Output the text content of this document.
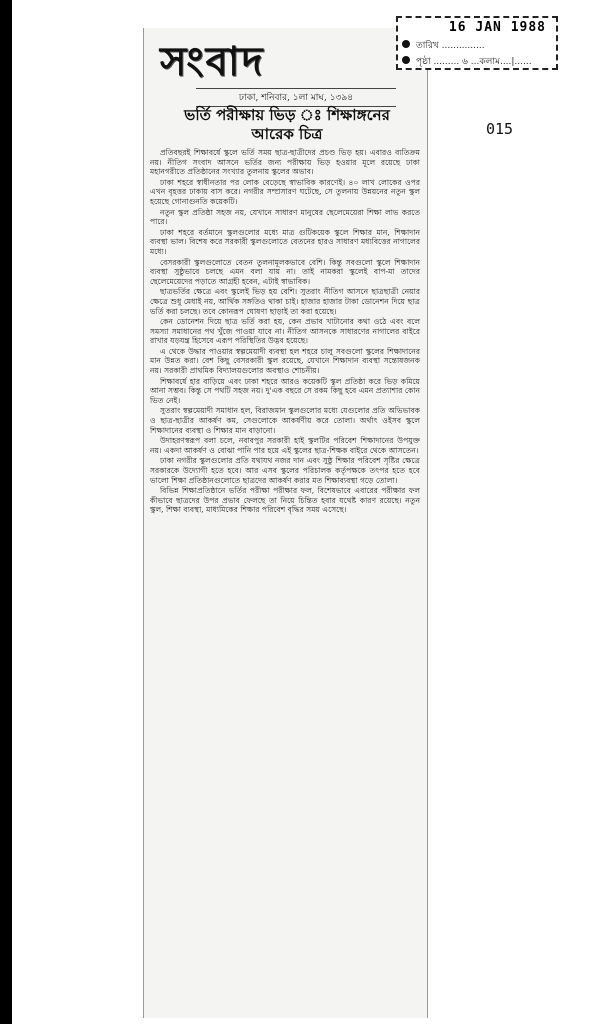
সংবাদ
16 JAN 1988
তারিখ ...............
পৃষ্ঠা ......... ৬ ...কলাম....|......
015
ঢাকা, শনিবার, ১লা মাঘ, ১৩৯৪
ভর্তি পরীক্ষায় ভিড় ঃ শিক্ষাঙ্গনের
আরেক চিত্র

প্রতিবছরই শিক্ষাবর্ষে স্কুলে ভর্তি সময় ছাত্র-ছাত্রীদের প্রচণ্ড ভিড় হয়। এবারও ব্যতিক্রম নয়। নীতিগ সংবাদ আসনে ভর্তির জন্য পরীক্ষায় ভিড় হওয়ার মূলে রয়েছে ঢাকা মহানগরীতে প্রতিষ্ঠানের সংখ্যার তুলনায় স্কুলের অভাব।

ঢাকা শহরে স্বাধীনতার পর লোক বেড়েছে স্বাভাবিক কারণেই। ৪০ লাখ লোকের ওপর এখন বৃহত্তর ঢাকায় বাস করে। নগরীর সম্প্রসারণ ঘটেছে, সে তুলনায় উন্নয়নের নতুন স্কুল হয়েছে গোনাগুনতি কয়েকটি।

নতুন স্কুল প্রতিষ্ঠা সহজ নয়, যেখানে সাধারণ মানুষের ছেলেমেয়েরা শিক্ষা লাভ করতে পারে।

ঢাকা শহরে বর্তমানে স্কুলগুলোর মধ্যে মাত্র গুটিকয়েক স্কুলে শিক্ষার মান, শিক্ষাদান ব্যবস্থা ভাল। বিশেষ করে সরকারী স্কুলগুলোতে বেতনের হারও সাধারণ মধ্যবিত্তের নাগালের মধ্যে।

বেসরকারী স্কুলগুলোতে বেতন তুলনামূলকভাবে বেশি। কিন্তু সবগুলো স্কুলে শিক্ষাদান ব্যবস্থা সুষ্ঠুভাবে চলছে এমন বলা যায় না। তাই নামকরা স্কুলেই বাপ-মা তাদের ছেলেমেয়েদের পড়াতে আগ্রহী হবেন, এটাই স্বাভাবিক।

ছাত্রভর্তির ক্ষেত্রে এবং স্কুলেই ভিড় হয় বেশি। সুতরাং নীতিগ আসনে ছাত্রছাত্রী নেয়ার ক্ষেত্রে শুধু মেধাই নয়, আর্থিক সঙ্গতিও থাকা চাই। হাজার হাজার টাকা ডোনেশন দিয়ে ছাত্র ভর্তি করা চলছে। তবে কোনরূপ ঘোষণা ছাড়াই তা করা হয়েছে।

কেন ডোনেশন দিয়ে ছাত্র ভর্তি করা হয়, কেন প্রভাব খাটানোর কথা ওঠে এবং বলে সমস্যা সমাধানের পথ খুঁজে পাওয়া যাবে না। নীতিগ আসনকে সাধারণের নাগালের বাইরে রাখার যড়যন্ত্র হিসেবে এরূপ পরিস্থিতির উদ্ভব হয়েছে।

এ থেকে উদ্ধার পাওয়ার স্বল্পমেয়াদী ব্যবস্থা হল শহরে চালু সবগুলো স্কুলের শিক্ষাদানের মান উন্নত করা। বেশ কিছু বেসরকারী স্কুল রয়েছে, যেখানে শিক্ষাদান ব্যবস্থা সন্তোষজনক নয়। সরকারী প্রাথমিক বিদ্যালয়গুলোর অবস্থাও শোচনীয়।

শিক্ষাবর্ষে হার বাড়িয়ে এবং ঢাকা শহরে আরও কয়েকটি স্কুল প্রতিষ্ঠা করে ভিড় কমিয়ে আনা সম্ভব। কিন্তু সে পথটি সহজ নয়। দু'এক বছরে সে রকম কিছু হবে এমন প্রত্যাশার কোন ভিত নেই।

সুতরাং স্বল্পমেয়াদী সমাধান হল, বিরাজমান স্কুলগুলোর মধ্যে যেগুলোর প্রতি অভিভাবক ও ছাত্র-ছাত্রীর আকর্ষণ কম, সেগুলোকে আকর্ষণীয় করে তোলা। অর্থাৎ ওইসব স্কুলে শিক্ষাদানের ব্যবস্থা ও শিক্ষার মান বাড়ানো।

উদাহরণস্বরূপ বলা চলে, নবাবপুর সরকারী হাই স্কুলটির পরিবেশ শিক্ষাদানের উপযুক্ত নয়। একদা আকর্ষণ ও বোঝা পানি পার হয়ে এই স্কুলের ছাত্র-শিক্ষক বাইরে থেকে আসতেন।

ঢাকা নগরীর স্কুলগুলোর প্রতি যথাযথ নজর দান এবং সুষ্ঠু শিক্ষার পরিবেশ সৃষ্টির ক্ষেত্রে সরকারকে উদ্যোগী হতে হবে। আর এসব স্কুলের পরিচালক কর্তৃপক্ষকে তৎপর হতে হবে ভালো শিক্ষা প্রতিষ্ঠানগুলোতে ছাত্রদের আকর্ষণ করার মত শিক্ষাব্যবস্থা গড়ে তোলা।

বিভিন্ন শিক্ষাপ্রতিষ্ঠানে ভর্তির পরীক্ষা পরীক্ষার ফল, বিশেষভাবে এবারের পরীক্ষার ফল কীভাবে ছাত্রদের উপর প্রভাব ফেলছে তা নিয়ে চিন্তিত হবার যথেষ্ট কারণ রয়েছে। নতুন স্কুল, শিক্ষা ব্যবস্থা, মাধ্যমিকের শিক্ষার পরিবেশ বৃদ্ধির সময় এসেছে।
